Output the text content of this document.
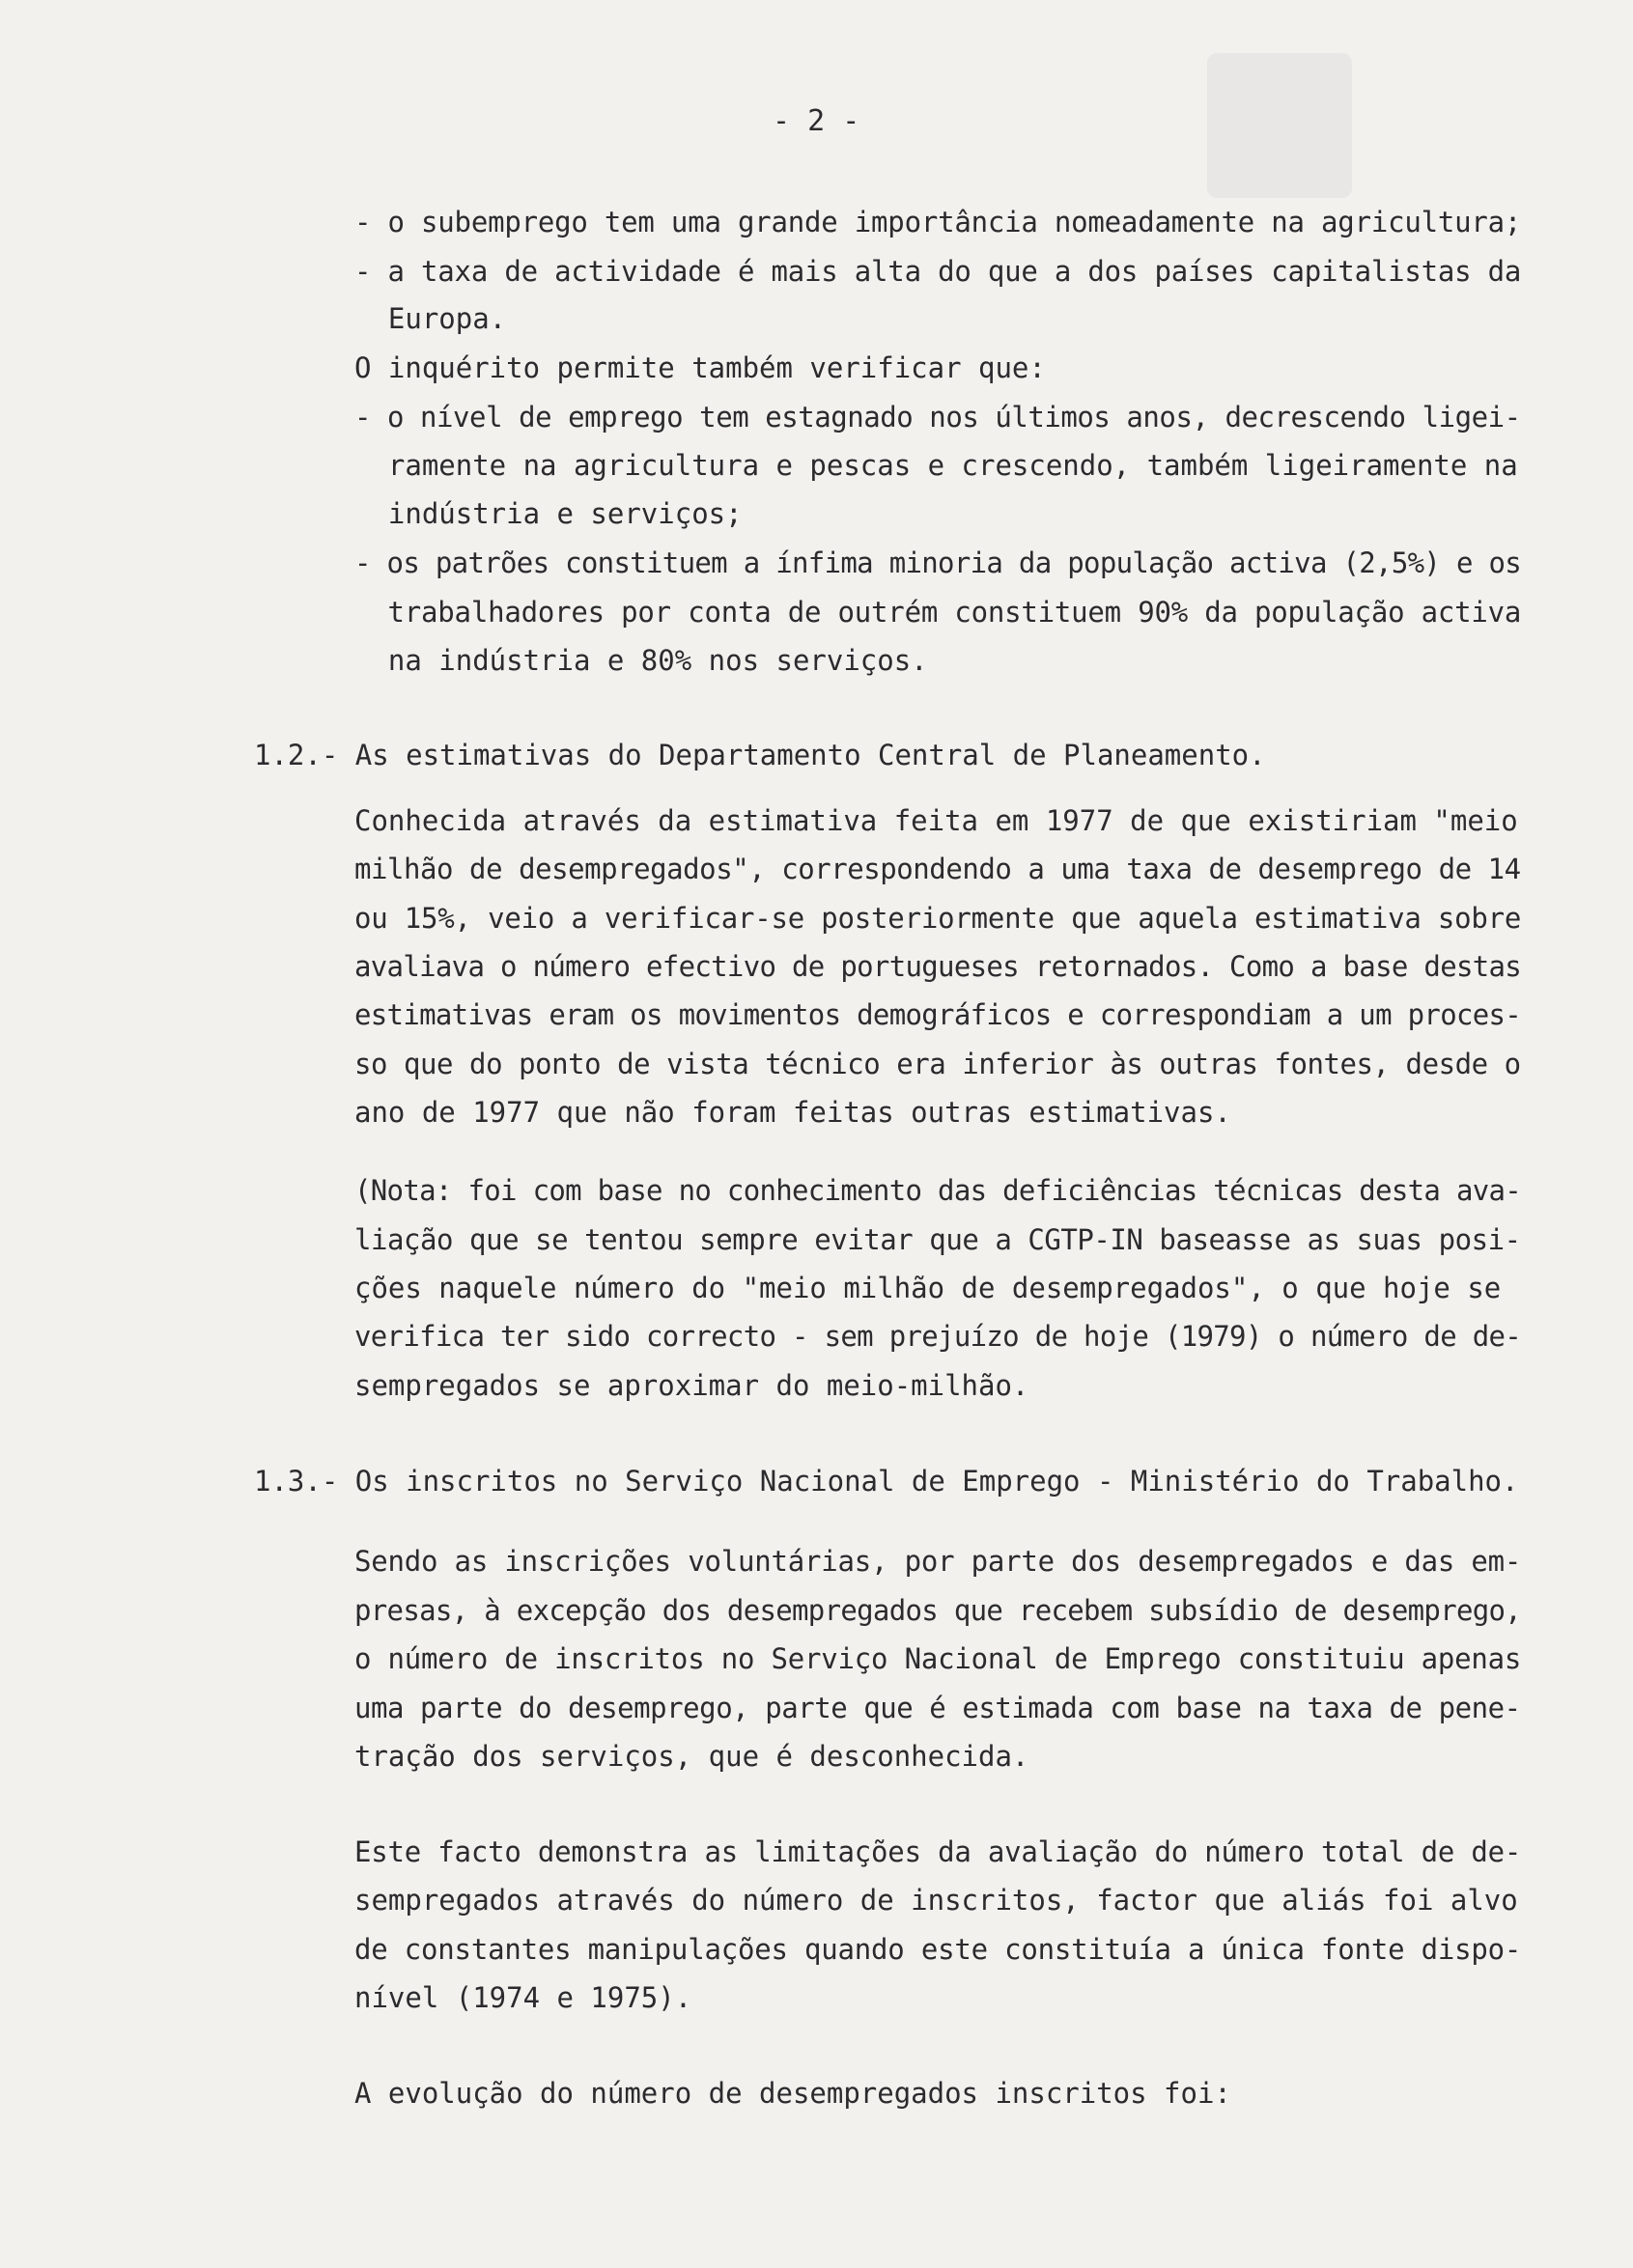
- 2 -
- o subemprego tem uma grande importância nomeadamente na agricultura;
- a taxa de actividade é mais alta do que a dos países capitalistas da
Europa.
O inquérito permite também verificar que:
- o nível de emprego tem estagnado nos últimos anos, decrescendo ligei-
ramente na agricultura e pescas e crescendo, também ligeiramente na
indústria e serviços;
- os patrões constituem a ínfima minoria da população activa (2,5%) e os
trabalhadores por conta de outrém constituem 90% da população activa
na indústria e 80% nos serviços.
1.2.- As estimativas do Departamento Central de Planeamento.
Conhecida através da estimativa feita em 1977 de que existiriam "meio
milhão de desempregados", correspondendo a uma taxa de desemprego de 14
ou 15%, veio a verificar-se posteriormente que aquela estimativa sobre
avaliava o número efectivo de portugueses retornados. Como a base destas
estimativas eram os movimentos demográficos e correspondiam a um proces-
so que do ponto de vista técnico era inferior às outras fontes, desde o
ano de 1977 que não foram feitas outras estimativas.
(Nota: foi com base no conhecimento das deficiências técnicas desta ava-
liação que se tentou sempre evitar que a CGTP-IN baseasse as suas posi-
ções naquele número do "meio milhão de desempregados", o que hoje se
verifica ter sido correcto - sem prejuízo de hoje (1979) o número de de-
sempregados se aproximar do meio-milhão.
1.3.- Os inscritos no Serviço Nacional de Emprego - Ministério do Trabalho.
Sendo as inscrições voluntárias, por parte dos desempregados e das em-
presas, à excepção dos desempregados que recebem subsídio de desemprego,
o número de inscritos no Serviço Nacional de Emprego constituiu apenas
uma parte do desemprego, parte que é estimada com base na taxa de pene-
tração dos serviços, que é desconhecida.
Este facto demonstra as limitações da avaliação do número total de de-
sempregados através do número de inscritos, factor que aliás foi alvo
de constantes manipulações quando este constituía a única fonte dispo-
nível (1974 e 1975).
A evolução do número de desempregados inscritos foi:
